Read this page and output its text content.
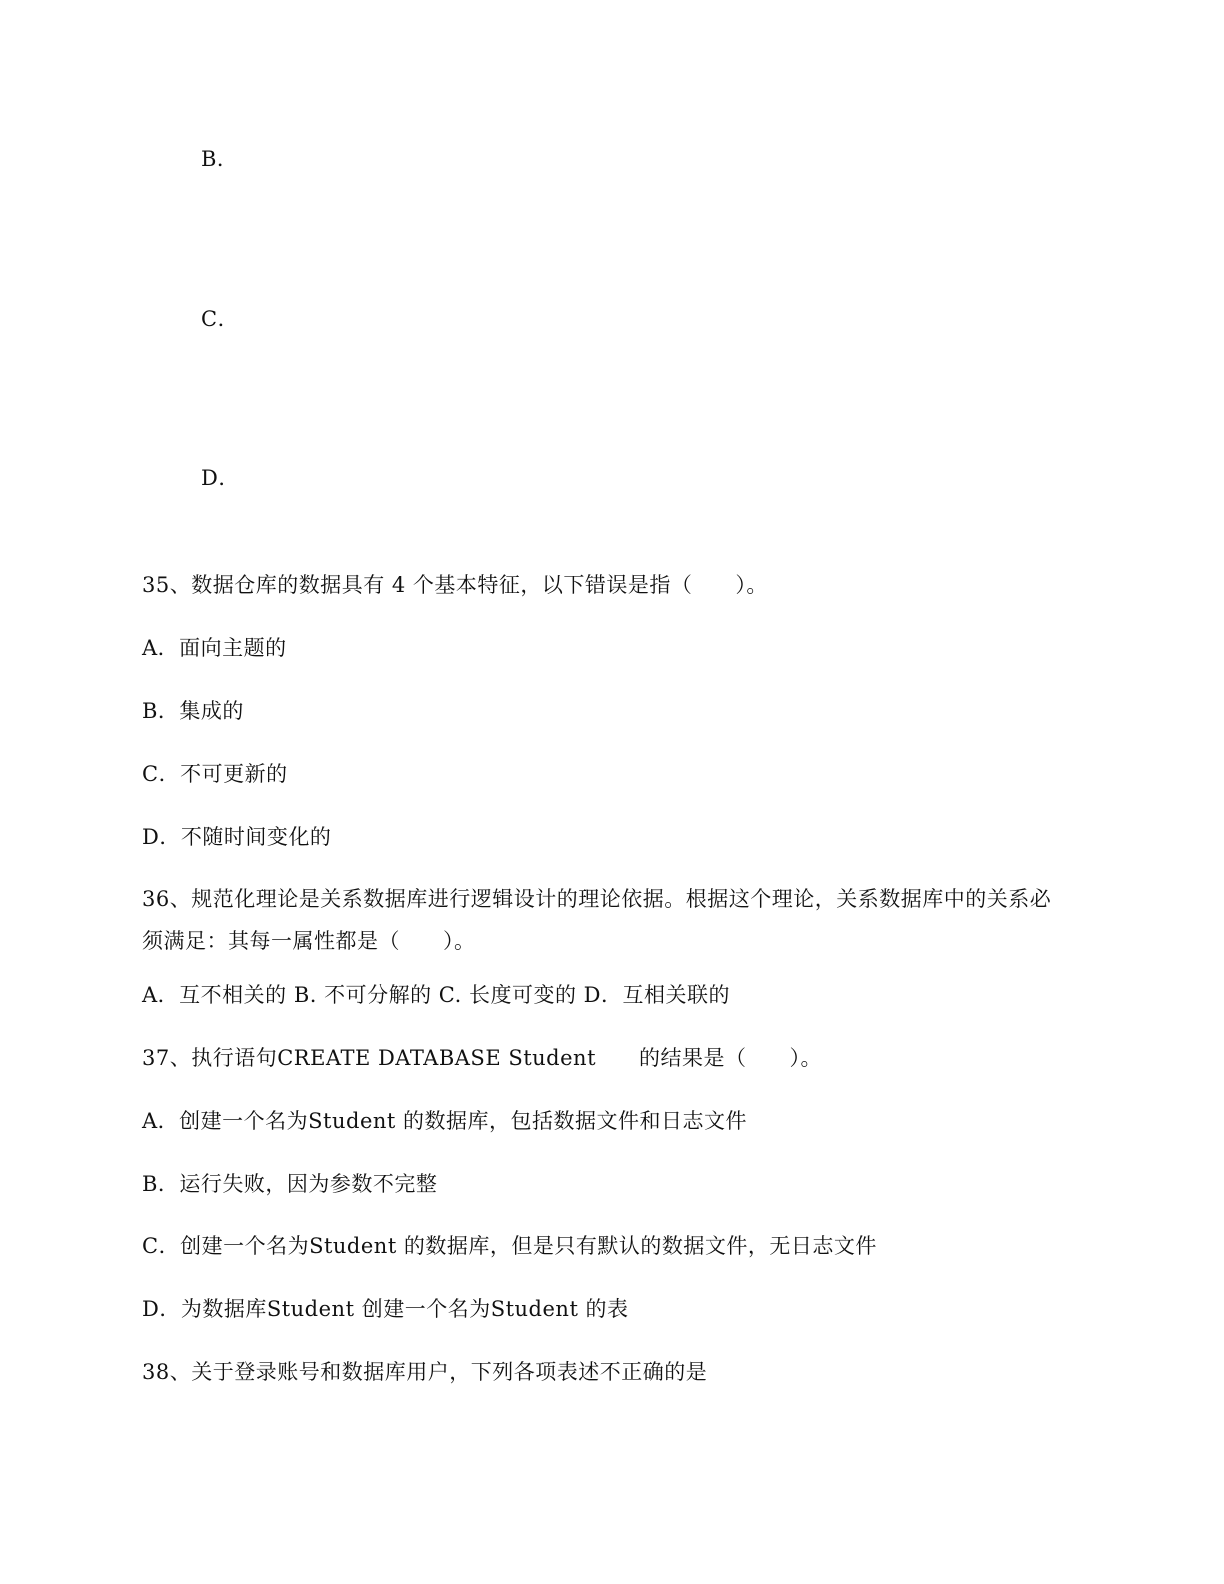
B．
C．
D．
35、数据仓库的数据具有 4 个基本特征，以下错误是指（　　）。
A．面向主题的
B．集成的
C．不可更新的
D．不随时间变化的
36、规范化理论是关系数据库进行逻辑设计的理论依据。根据这个理论，关系数据库中的关系必
须满足：其每一属性都是（　　）。
A．互不相关的 B. 不可分解的 C. 长度可变的 D．互相关联的
37、执行语句CREATE DATABASE Student　　的结果是（　　）。
A．创建一个名为Student 的数据库，包括数据文件和日志文件
B．运行失败，因为参数不完整
C．创建一个名为Student 的数据库，但是只有默认的数据文件，无日志文件
D．为数据库Student 创建一个名为Student 的表
38、关于登录账号和数据库用户，下列各项表述不正确的是
